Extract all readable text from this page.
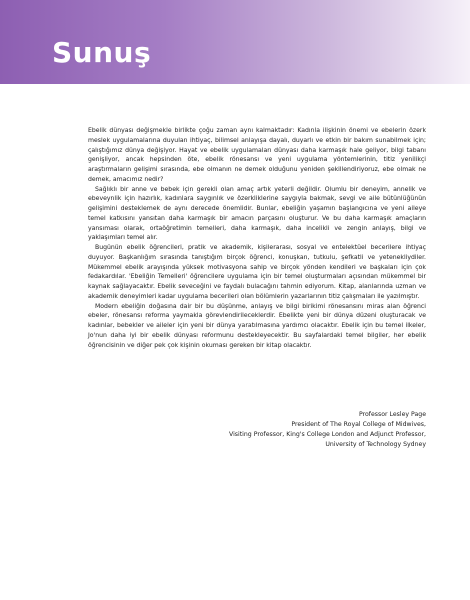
Sunuş

Ebelik dünyası değişmekle birlikte çoğu zaman aynı kalmaktadır: Kadınla ilişkinin önemi ve ebelerin özerk meslek uygulamalarına duyulan ihtiyaç, bilimsel anlayışa dayalı, duyarlı ve etkin bir bakım sunabilmek için; çalıştığımız dünya değişiyor. Hayat ve ebelik uygulamaları dünyası daha karmaşık hale geliyor, bilgi tabanı genişliyor, ancak hepsinden öte, ebelik rönesansı ve yeni uygulama yöntemlerinin, titiz yenilikçi araştırmaların gelişimi sırasında, ebe olmanın ne demek olduğunu yeniden şekillendiriyoruz, ebe olmak ne demek, amacımız nedir?

Sağlıklı bir anne ve bebek için gerekli olan amaç artık yeterli değildir. Olumlu bir deneyim, annelik ve ebeveynlik için hazırlık, kadınlara saygınlık ve özerkliklerine saygıyla bakmak, sevgi ve aile bütünlüğünün gelişimini desteklemek de aynı derecede önemlidir. Bunlar, ebeliğin yaşamın başlangıcına ve yeni aileye temel katkısını yansıtan daha karmaşık bir amacın parçasını oluşturur. Ve bu daha karmaşık amaçların yansıması olarak, ortaöğretimin temelleri, daha karmaşık, daha incelikli ve zengin anlayış, bilgi ve yaklaşımları temel alır.

Bugünün ebelik öğrencileri, pratik ve akademik, kişilerarası, sosyal ve entelektüel becerilere ihtiyaç duyuyor. Başkanlığım sırasında tanıştığım birçok öğrenci, konuşkan, tutkulu, şefkatli ve yetenekliydiler. Mükemmel ebelik arayışında yüksek motivasyona sahip ve birçok yönden kendileri ve başkaları için çok fedakardılar. 'Ebeliğin Temelleri' öğrencilere uygulama için bir temel oluşturmaları açısından mükemmel bir kaynak sağlayacaktır. Ebelik seveceğini ve faydalı bulacağını tahmin ediyorum. Kitap, alanlarında uzman ve akademik deneyimleri kadar uygulama becerileri olan bölümlerin yazarlarının titiz çalışmaları ile yazılmıştır.

Modern ebeliğin doğasına dair bir bu düşünme, anlayış ve bilgi birikimi rönesansını miras alan öğrenci ebeler, rönesansı reforma yaymakla görevlendirileceklerdir. Ebelikte yeni bir dünya düzeni oluşturacak ve kadınlar, bebekler ve aileler için yeni bir dünya yaratılmasına yardımcı olacaktır. Ebelik için bu temel ilkeler, Jo'nun daha iyi bir ebelik dünyası reformunu destekleyecektir. Bu sayfalardaki temel bilgiler, her ebelik öğrencisinin ve diğer pek çok kişinin okuması gereken bir kitap olacaktır.

Professor Lesley Page
President of The Royal College of Midwives,
Visiting Professor, King's College London and Adjunct Professor,
University of Technology Sydney
